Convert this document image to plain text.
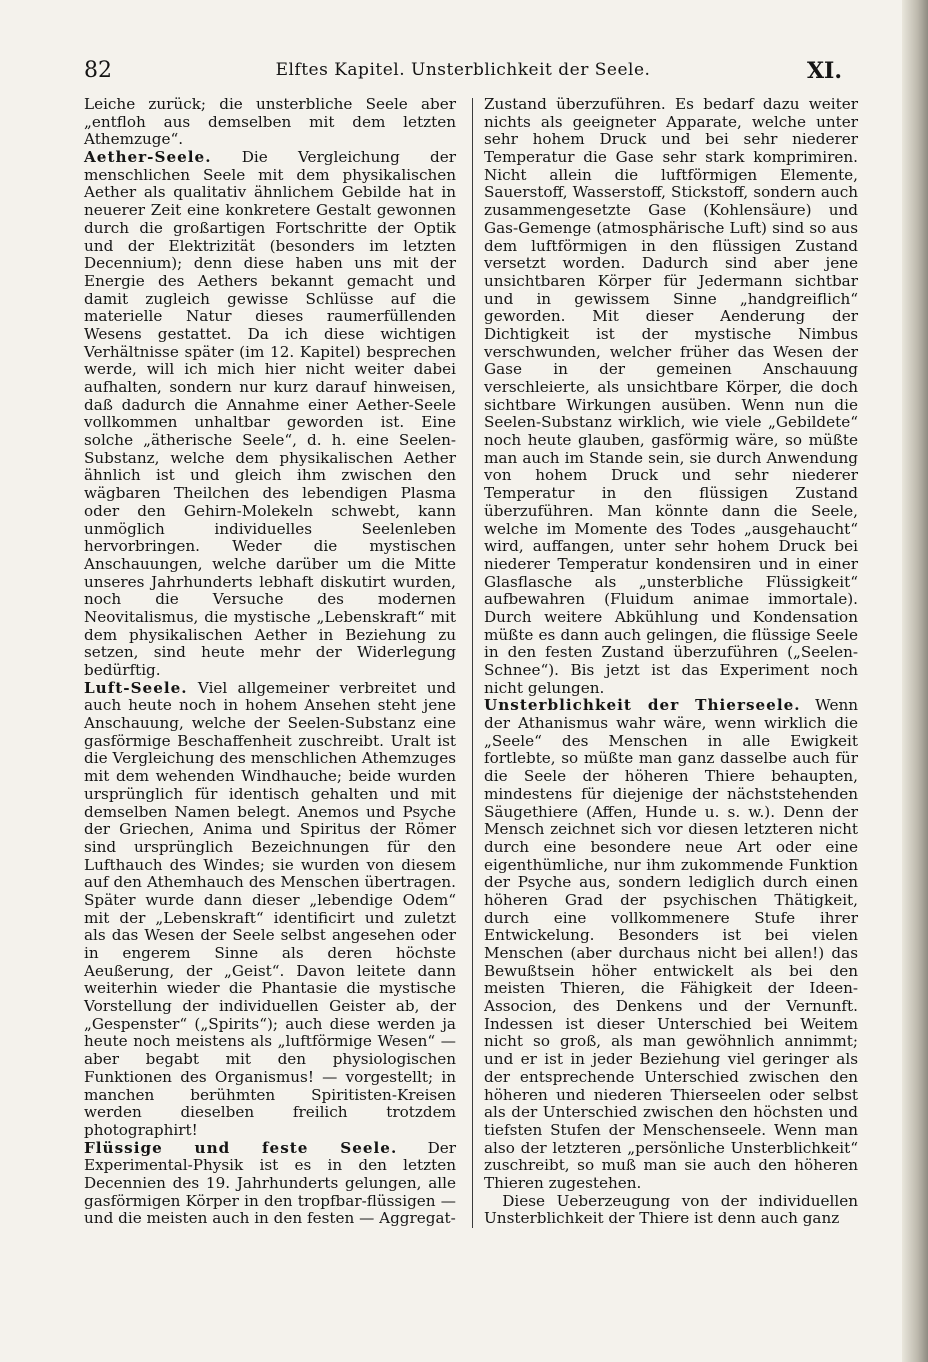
82	Elftes Kapitel. Unsterblichkeit der Seele.	XI.

Leiche zurück; die unsterbliche Seele aber „entfloh aus demselben mit dem letzten Athemzuge“.

Aether-Seele. Die Vergleichung der menschlichen Seele mit dem physikalischen Aether als qualitativ ähnlichem Gebilde hat in neuerer Zeit eine konkretere Gestalt gewonnen durch die großartigen Fortschritte der Optik und der Elektrizität (besonders im letzten Decennium); denn diese haben uns mit der Energie des Aethers bekannt gemacht und damit zugleich gewisse Schlüsse auf die materielle Natur dieses raumerfüllenden Wesens gestattet. Da ich diese wichtigen Verhältnisse später (im 12. Kapitel) besprechen werde, will ich mich hier nicht weiter dabei aufhalten, sondern nur kurz darauf hinweisen, daß dadurch die Annahme einer Aether-Seele vollkommen unhaltbar geworden ist. Eine solche „ätherische Seele“, d. h. eine Seelen-Substanz, welche dem physikalischen Aether ähnlich ist und gleich ihm zwischen den wägbaren Theilchen des lebendigen Plasma oder den Gehirn-Molekeln schwebt, kann unmöglich individuelles Seelenleben hervorbringen. Weder die mystischen Anschauungen, welche darüber um die Mitte unseres Jahrhunderts lebhaft diskutirt wurden, noch die Versuche des modernen Neovitalismus, die mystische „Lebenskraft“ mit dem physikalischen Aether in Beziehung zu setzen, sind heute mehr der Widerlegung bedürftig.

Luft-Seele. Viel allgemeiner verbreitet und auch heute noch in hohem Ansehen steht jene Anschauung, welche der Seelen-Substanz eine gasförmige Beschaffenheit zuschreibt. Uralt ist die Vergleichung des menschlichen Athemzuges mit dem wehenden Windhauche; beide wurden ursprünglich für identisch gehalten und mit demselben Namen belegt. Anemos und Psyche der Griechen, Anima und Spiritus der Römer sind ursprünglich Bezeichnungen für den Lufthauch des Windes; sie wurden von diesem auf den Athemhauch des Menschen übertragen. Später wurde dann dieser „lebendige Odem“ mit der „Lebenskraft“ identificirt und zuletzt als das Wesen der Seele selbst angesehen oder in engerem Sinne als deren höchste Aeußerung, der „Geist“. Davon leitete dann weiterhin wieder die Phantasie die mystische Vorstellung der individuellen Geister ab, der „Gespenster“ („Spirits“); auch diese werden ja heute noch meistens als „luftförmige Wesen“ — aber begabt mit den physiologischen Funktionen des Organismus! — vorgestellt; in manchen berühmten Spiritisten-Kreisen werden dieselben freilich trotzdem photographirt!

Flüssige und feste Seele. Der Experimental-Physik ist es in den letzten Decennien des 19. Jahrhunderts gelungen, alle gasförmigen Körper in den tropfbar-flüssigen — und die meisten auch in den festen — Aggregat-

Zustand überzuführen. Es bedarf dazu weiter nichts als geeigneter Apparate, welche unter sehr hohem Druck und bei sehr niederer Temperatur die Gase sehr stark komprimiren. Nicht allein die luftförmigen Elemente, Sauerstoff, Wasserstoff, Stickstoff, sondern auch zusammengesetzte Gase (Kohlensäure) und Gas-Gemenge (atmosphärische Luft) sind so aus dem luftförmigen in den flüssigen Zustand versetzt worden. Dadurch sind aber jene unsichtbaren Körper für Jedermann sichtbar und in gewissem Sinne „handgreiflich“ geworden. Mit dieser Aenderung der Dichtigkeit ist der mystische Nimbus verschwunden, welcher früher das Wesen der Gase in der gemeinen Anschauung verschleierte, als unsichtbare Körper, die doch sichtbare Wirkungen ausüben. Wenn nun die Seelen-Substanz wirklich, wie viele „Gebildete“ noch heute glauben, gasförmig wäre, so müßte man auch im Stande sein, sie durch Anwendung von hohem Druck und sehr niederer Temperatur in den flüssigen Zustand überzuführen. Man könnte dann die Seele, welche im Momente des Todes „ausgehaucht“ wird, auffangen, unter sehr hohem Druck bei niederer Temperatur kondensiren und in einer Glasflasche als „unsterbliche Flüssigkeit“ aufbewahren (Fluidum animae immortale). Durch weitere Abkühlung und Kondensation müßte es dann auch gelingen, die flüssige Seele in den festen Zustand überzuführen („Seelen-Schnee“). Bis jetzt ist das Experiment noch nicht gelungen.

Unsterblichkeit der Thierseele. Wenn der Athanismus wahr wäre, wenn wirklich die „Seele“ des Menschen in alle Ewigkeit fortlebte, so müßte man ganz dasselbe auch für die Seele der höheren Thiere behaupten, mindestens für diejenige der nächststehenden Säugethiere (Affen, Hunde u. s. w.). Denn der Mensch zeichnet sich vor diesen letzteren nicht durch eine besondere neue Art oder eine eigenthümliche, nur ihm zukommende Funktion der Psyche aus, sondern lediglich durch einen höheren Grad der psychischen Thätigkeit, durch eine vollkommenere Stufe ihrer Entwickelung. Besonders ist bei vielen Menschen (aber durchaus nicht bei allen!) das Bewußtsein höher entwickelt als bei den meisten Thieren, die Fähigkeit der Ideen-Associon, des Denkens und der Vernunft. Indessen ist dieser Unterschied bei Weitem nicht so groß, als man gewöhnlich annimmt; und er ist in jeder Beziehung viel geringer als der entsprechende Unterschied zwischen den höheren und niederen Thierseelen oder selbst als der Unterschied zwischen den höchsten und tiefsten Stufen der Menschenseele. Wenn man also der letzteren „persönliche Unsterblichkeit“ zuschreibt, so muß man sie auch den höheren Thieren zugestehen.

Diese Ueberzeugung von der individuellen Unsterblichkeit der Thiere ist denn auch ganz
